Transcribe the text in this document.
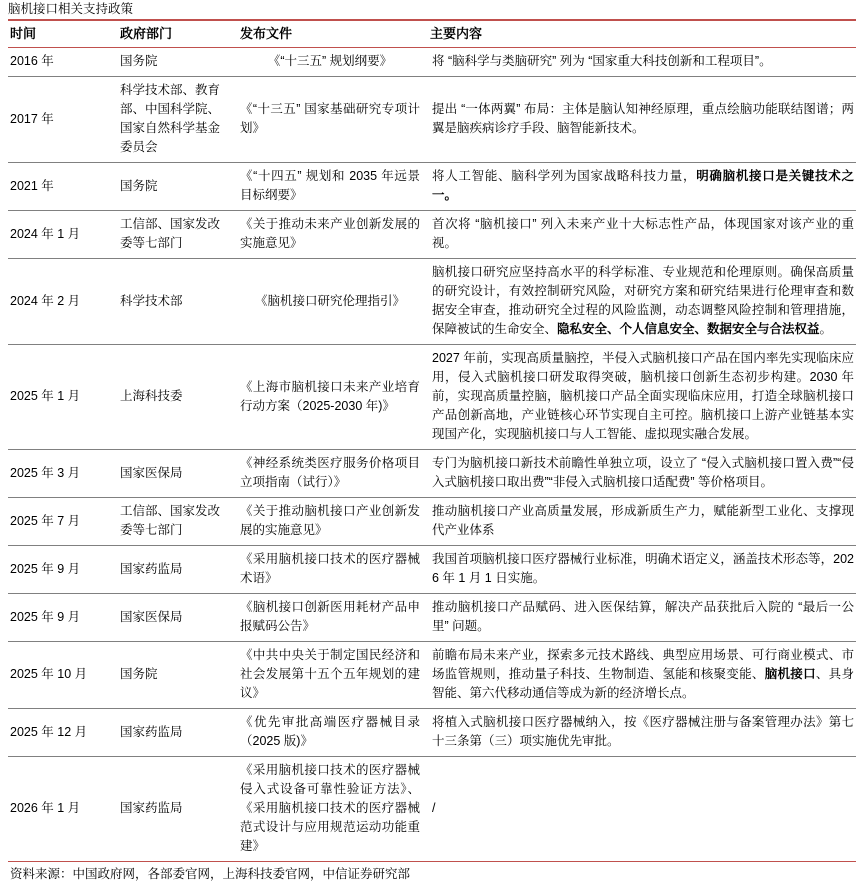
脑机接口相关支持政策
时间	政府部门	发布文件	主要内容
2016 年	国务院	《“十三五” 规划纲要》	将 “脑科学与类脑研究” 列为 “国家重大科技创新和工程项目”。
2017 年	科学技术部、教育部、中国科学院、国家自然科学基金委员会	《“十三五” 国家基础研究专项计划》	提出 “一体两翼” 布局：主体是脑认知神经原理，重点绘脑功能联结图谱；两翼是脑疾病诊疗手段、脑智能新技术。
2021 年	国务院	《“十四五” 规划和 2035 年远景目标纲要》	将人工智能、脑科学列为国家战略科技力量，明确脑机接口是关键技术之一。
2024 年 1 月	工信部、国家发改委等七部门	《关于推动未来产业创新发展的实施意见》	首次将 “脑机接口” 列入未来产业十大标志性产品，体现国家对该产业的重视。
2024 年 2 月	科学技术部	《脑机接口研究伦理指引》	脑机接口研究应坚持高水平的科学标准、专业规范和伦理原则。确保高质量的研究设计，有效控制研究风险，对研究方案和研究结果进行伦理审查和数据安全审查，推动研究全过程的风险监测，动态调整风险控制和管理措施，保障被试的生命安全、隐私安全、个人信息安全、数据安全与合法权益。
2025 年 1 月	上海科技委	《上海市脑机接口未来产业培育行动方案（2025-2030 年)》	2027 年前，实现高质量脑控，半侵入式脑机接口产品在国内率先实现临床应用，侵入式脑机接口研发取得突破，脑机接口创新生态初步构建。2030 年前，实现高质量控脑，脑机接口产品全面实现临床应用，打造全球脑机接口产品创新高地，产业链核心环节实现自主可控。脑机接口上游产业链基本实现国产化，实现脑机接口与人工智能、虚拟现实融合发展。
2025 年 3 月	国家医保局	《神经系统类医疗服务价格项目立项指南（试行）》	专门为脑机接口新技术前瞻性单独立项，设立了 “侵入式脑机接口置入费”“侵入式脑机接口取出费”“非侵入式脑机接口适配费” 等价格项目。
2025 年 7 月	工信部、国家发改委等七部门	《关于推动脑机接口产业创新发展的实施意见》	推动脑机接口产业高质量发展，形成新质生产力，赋能新型工业化、支撑现代产业体系
2025 年 9 月	国家药监局	《采用脑机接口技术的医疗器械术语》	我国首项脑机接口医疗器械行业标准，明确术语定义，涵盖技术形态等，2026 年 1 月 1 日实施。
2025 年 9 月	国家医保局	《脑机接口创新医用耗材产品申报赋码公告》	推动脑机接口产品赋码、进入医保结算，解决产品获批后入院的 “最后一公里” 问题。
2025 年 10 月	国务院	《中共中央关于制定国民经济和社会发展第十五个五年规划的建议》	前瞻布局未来产业，探索多元技术路线、典型应用场景、可行商业模式、市场监管规则，推动量子科技、生物制造、氢能和核聚变能、脑机接口、具身智能、第六代移动通信等成为新的经济增长点。
2025 年 12 月	国家药监局	《优先审批高端医疗器械目录（2025 版)》	将植入式脑机接口医疗器械纳入，按《医疗器械注册与备案管理办法》第七十三条第（三）项实施优先审批。
2026 年 1 月	国家药监局	《采用脑机接口技术的医疗器械侵入式设备可靠性验证方法》、《采用脑机接口技术的医疗器械范式设计与应用规范运动功能重建》	/
资料来源：中国政府网，各部委官网，上海科技委官网，中信证券研究部
